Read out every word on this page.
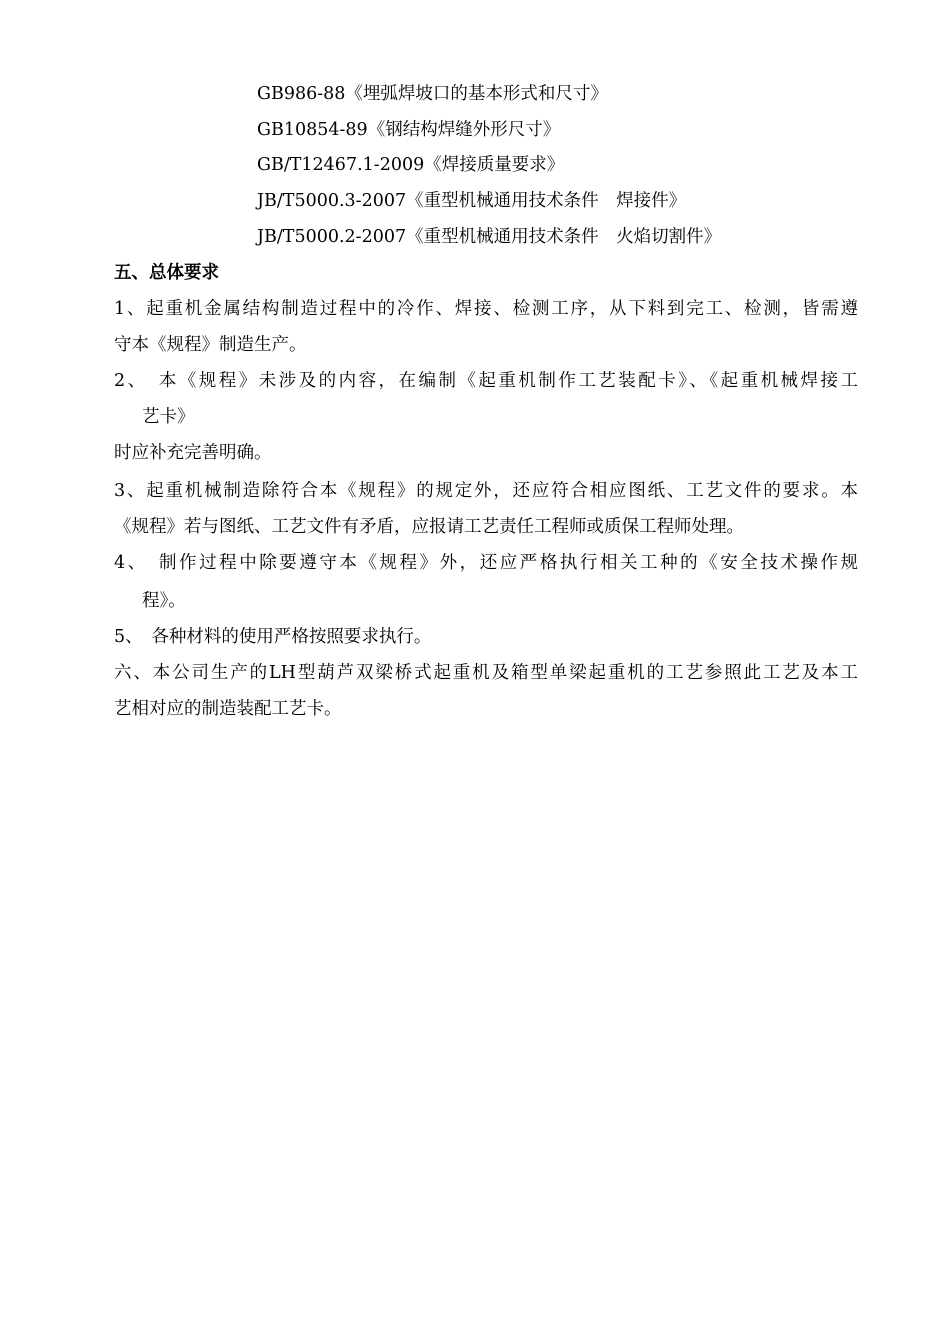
GB986-88《埋弧焊坡口的基本形式和尺寸》
GB10854-89《钢结构焊缝外形尺寸》
GB/T12467.1-2009《焊接质量要求》
JB/T5000.3-2007《重型机械通用技术条件　焊接件》
JB/T5000.2-2007《重型机械通用技术条件　火焰切割件》
五、总体要求
1、起重机金属结构制造过程中的冷作、焊接、检测工序，从下料到完工、检测，皆需遵
守本《规程》制造生产。
2、　本《规程》未涉及的内容，在编制《起重机制作工艺装配卡》、《起重机械焊接工
艺卡》
时应补充完善明确。
3、起重机械制造除符合本《规程》的规定外，还应符合相应图纸、工艺文件的要求。本
《规程》若与图纸、工艺文件有矛盾，应报请工艺责任工程师或质保工程师处理。
4、　制作过程中除要遵守本《规程》外，还应严格执行相关工种的《安全技术操作规
程》。
5、　各种材料的使用严格按照要求执行。
六、本公司生产的LH型葫芦双梁桥式起重机及箱型单梁起重机的工艺参照此工艺及本工
艺相对应的制造装配工艺卡。
